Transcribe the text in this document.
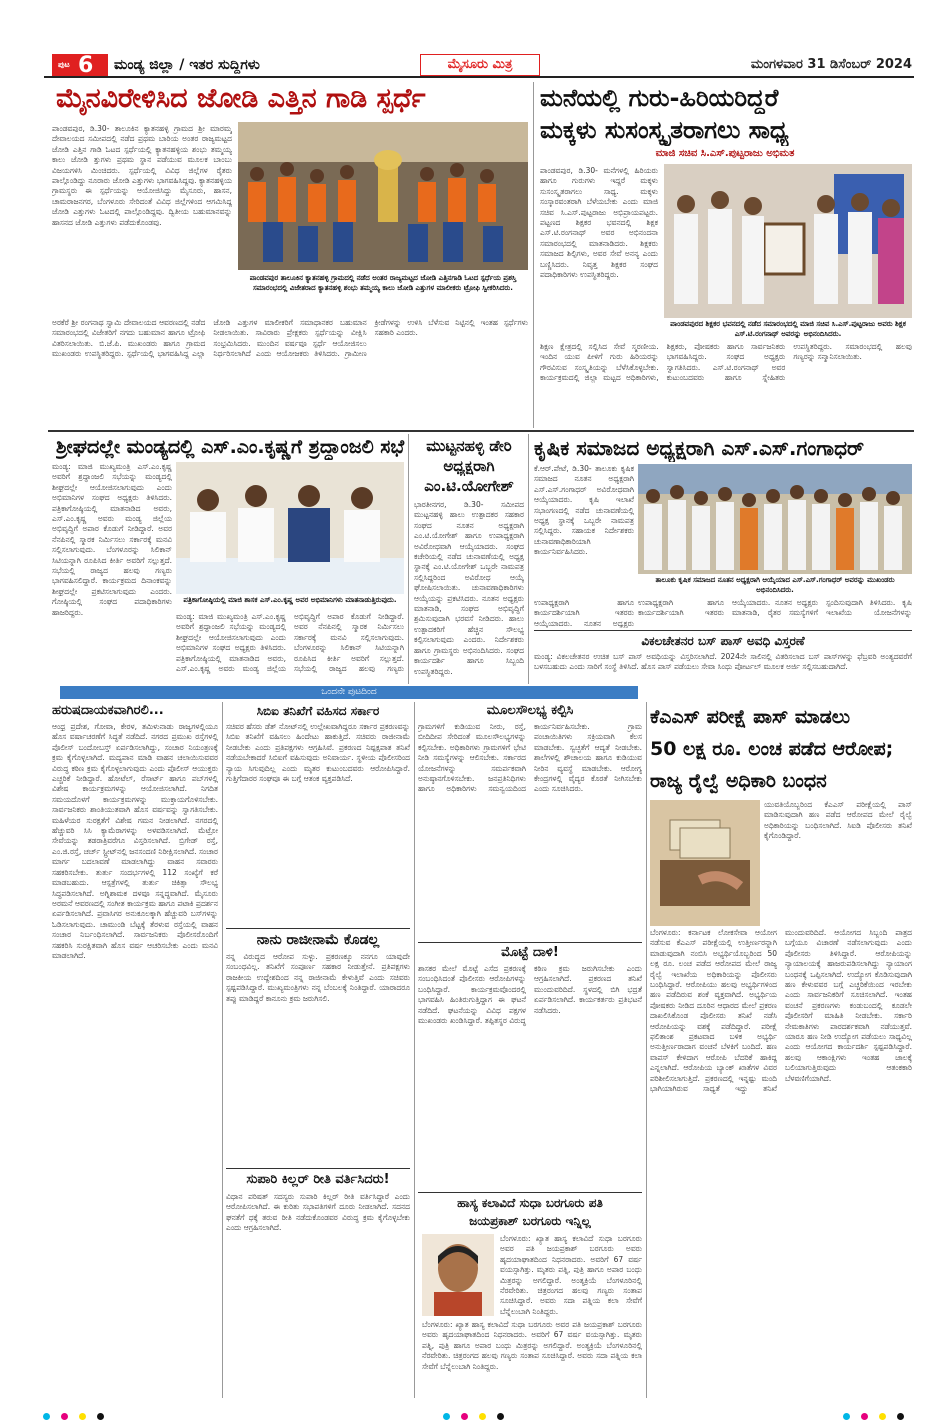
ಪುಟ 6 ಮಂಡ್ಯ ಜಿಲ್ಲಾ / ಇತರ ಸುದ್ದಿಗಳು	ಮೈಸೂರು ಮಿತ್ರ	ಮಂಗಳವಾರ 31 ಡಿಸೆಂಬರ್ 2024
ಮೈನವಿರೇಳಿಸಿದ ಜೋಡಿ ಎತ್ತಿನ ಗಾಡಿ ಸ್ಪರ್ಧೆ
ಪಾಂಡವಪುರ, ಡಿ.30- ತಾಲೂಕಿನ ಕ್ಯಾತನಹಳ್ಳಿ ಗ್ರಾಮದ ಶ್ರೀ ಮಾರಮ್ಮ ದೇವಾಲಯದ ಸಮೀಪದಲ್ಲಿ ನಡೆದ ಪ್ರಥಮ ಬಾರಿಯ ಅಂತರ ರಾಜ್ಯಮಟ್ಟದ ಜೋಡಿ ಎತ್ತಿನ ಗಾಡಿ ಓಟದ ಸ್ಪರ್ಧೆಯಲ್ಲಿ ಕ್ಯಾತನಹಳ್ಳಿಯ ಶಂಭು ತಮ್ಮಯ್ಯ ಕಾಲು ಜೋಡಿ ತ್ತುಗಳು ಪ್ರಥಮ ಸ್ಥಾನ ಪಡೆಯುವ ಮೂಲಕ ಬಾಂಬು ವಿಜಯಗಳಿಸಿ ಮಿಂಚಿದರು. ಸ್ಪರ್ಧೆಯಲ್ಲಿ ವಿವಿಧ ಜಿಲ್ಲೆಗಳ ರೈತರು ಪಾಲ್ಗೊಂಡಿದ್ದು ನೂರಾರು ಜೋಡಿ ಎತ್ತುಗಳು ಭಾಗವಹಿಸಿದ್ದವು. ಕ್ಯಾತನಹಳ್ಳಿಯ ಗ್ರಾಮಸ್ಥರು ಈ ಸ್ಪರ್ಧೆಯನ್ನು ಆಯೋಜಿಸಿದ್ದು ಮೈಸೂರು, ಹಾಸನ, ಚಾಮರಾಜನಗರ, ಬೆಂಗಳೂರು ಸೇರಿದಂತೆ ವಿವಿಧ ಜಿಲ್ಲೆಗಳಿಂದ ಆಗಮಿಸಿದ್ದ ಜೋಡಿ ಎತ್ತುಗಳು ಓಟದಲ್ಲಿ ಪಾಲ್ಗೊಂಡಿದ್ದವು. ದ್ವಿತೀಯ ಬಹುಮಾನವನ್ನು ಹಾಸನದ ಜೋಡಿ ಎತ್ತುಗಳು ಪಡೆದುಕೊಂಡವು.
ಪಾಂಡವಪುರ ತಾಲೂಕಿನ ಕ್ಯಾತನಹಳ್ಳಿ ಗ್ರಾಮದಲ್ಲಿ ನಡೆದ ಅಂತರ ರಾಜ್ಯಮಟ್ಟದ ಜೋಡಿ ಎತ್ತಿನಗಾಡಿ ಓಟದ ಸ್ಪರ್ಧೆಯ ಪ್ರಶಸ್ತಿ ಸಮಾರಂಭದಲ್ಲಿ ವಿಜೇತರಾದ ಕ್ಯಾತನಹಳ್ಳಿ ಶಂಭು ತಮ್ಮಯ್ಯ ಕಾಲು ಜೋಡಿ ಎತ್ತುಗಳ ಮಾಲೀಕರು ಟ್ರೋಫಿ ಸ್ವೀಕರಿಸಿದರು.
ಅರಕೆರೆ ಶ್ರೀ ರಂಗನಾಥ ಸ್ವಾಮಿ ದೇವಾಲಯದ ಆವರಣದಲ್ಲಿ ನಡೆದ ಸಮಾರಂಭದಲ್ಲಿ ವಿಜೇತರಿಗೆ ನಗದು ಬಹುಮಾನ ಹಾಗೂ ಟ್ರೋಫಿ ವಿತರಿಸಲಾಯಿತು. ಬಿ.ಜೆ.ಪಿ. ಮುಖಂಡರು ಹಾಗೂ ಗ್ರಾಮದ ಮುಖಂಡರು ಉಪಸ್ಥಿತರಿದ್ದರು. ಸ್ಪರ್ಧೆಯಲ್ಲಿ ಭಾಗವಹಿಸಿದ್ದ ಎಲ್ಲಾ ಜೋಡಿ ಎತ್ತುಗಳ ಮಾಲೀಕರಿಗೆ ಸಮಾಧಾನಕರ ಬಹುಮಾನ ನೀಡಲಾಯಿತು. ಸಾವಿರಾರು ಪ್ರೇಕ್ಷಕರು ಸ್ಪರ್ಧೆಯನ್ನು ವೀಕ್ಷಿಸಿ ಸಂಭ್ರಮಿಸಿದರು. ಮುಂದಿನ ವರ್ಷವೂ ಸ್ಪರ್ಧೆ ಆಯೋಜಿಸಲು ನಿರ್ಧರಿಸಲಾಗಿದೆ ಎಂದು ಆಯೋಜಕರು ತಿಳಿಸಿದರು. ಗ್ರಾಮೀಣ ಕ್ರೀಡೆಗಳನ್ನು ಉಳಿಸಿ ಬೆಳೆಸುವ ನಿಟ್ಟಿನಲ್ಲಿ ಇಂತಹ ಸ್ಪರ್ಧೆಗಳು ಸಹಕಾರಿ ಎಂದರು.
ಮನೆಯಲ್ಲಿ ಗುರು-ಹಿರಿಯರಿದ್ದರೆ
ಮಕ್ಕಳು ಸುಸಂಸ್ಕೃತರಾಗಲು ಸಾಧ್ಯ
ಮಾಜಿ ಸಚಿವ ಸಿ.ಎಸ್.ಪುಟ್ಟರಾಜು ಅಭಿಮತ
ಪಾಂಡವಪುರ, ಡಿ.30- ಮನೆಗಳಲ್ಲಿ ಹಿರಿಯರು ಹಾಗೂ ಗುರುಗಳು ಇದ್ದರೆ ಮಕ್ಕಳು ಸುಸಂಸ್ಕೃತರಾಗಲು ಸಾಧ್ಯ. ಮಕ್ಕಳು ಸಂಸ್ಕಾರವಂತರಾಗಿ ಬೆಳೆಯಬೇಕು ಎಂದು ಮಾಜಿ ಸಚಿವ ಸಿ.ಎಸ್.ಪುಟ್ಟರಾಜು ಅಭಿಪ್ರಾಯಪಟ್ಟರು. ಪಟ್ಟಣದ ಶಿಕ್ಷಕರ ಭವನದಲ್ಲಿ ಶಿಕ್ಷಕ ಎಸ್.ಟಿ.ರಂಗನಾಥ್ ಅವರ ಅಭಿನಂದನಾ ಸಮಾರಂಭದಲ್ಲಿ ಮಾತನಾಡಿದರು. ಶಿಕ್ಷಕರು ಸಮಾಜದ ಶಿಲ್ಪಿಗಳು, ಅವರ ಸೇವೆ ಅನನ್ಯ ಎಂದು ಬಣ್ಣಿಸಿದರು. ನಿವೃತ್ತ ಶಿಕ್ಷಕರ ಸಂಘದ ಪದಾಧಿಕಾರಿಗಳು ಉಪಸ್ಥಿತರಿದ್ದರು.
ಪಾಂಡವಪುರದ ಶಿಕ್ಷಕರ ಭವನದಲ್ಲಿ ನಡೆದ ಸಮಾರಂಭದಲ್ಲಿ ಮಾಜಿ ಸಚಿವ ಸಿ.ಎಸ್.ಪುಟ್ಟರಾಜು ಅವರು ಶಿಕ್ಷಕ ಎಸ್.ಟಿ.ರಂಗನಾಥ್ ಅವರನ್ನು ಅಭಿನಂದಿಸಿದರು.
ಶಿಕ್ಷಣ ಕ್ಷೇತ್ರದಲ್ಲಿ ಸಲ್ಲಿಸಿದ ಸೇವೆ ಸ್ಮರಣೀಯ. ಇಂದಿನ ಯುವ ಪೀಳಿಗೆ ಗುರು ಹಿರಿಯರನ್ನು ಗೌರವಿಸುವ ಸಂಸ್ಕೃತಿಯನ್ನು ಬೆಳೆಸಿಕೊಳ್ಳಬೇಕು. ಕಾರ್ಯಕ್ರಮದಲ್ಲಿ ಜಿಲ್ಲಾ ಮಟ್ಟದ ಅಧಿಕಾರಿಗಳು, ಶಿಕ್ಷಕರು, ಪೋಷಕರು ಹಾಗೂ ಸಾರ್ವಜನಿಕರು ಭಾಗವಹಿಸಿದ್ದರು. ಸಂಘದ ಅಧ್ಯಕ್ಷರು ಸ್ವಾಗತಿಸಿದರು. ಎಸ್.ಟಿ.ರಂಗನಾಥ್ ಅವರ ಕುಟುಂಬದವರು ಹಾಗೂ ಸ್ನೇಹಿತರು ಉಪಸ್ಥಿತರಿದ್ದರು. ಸಮಾರಂಭದಲ್ಲಿ ಹಲವು ಗಣ್ಯರನ್ನು ಸನ್ಮಾನಿಸಲಾಯಿತು.
ಶ್ರೀಘದಲ್ಲೇ ಮಂಡ್ಯದಲ್ಲಿ ಎಸ್.ಎಂ.ಕೃಷ್ಣಗೆ ಶ್ರದ್ಧಾಂಜಲಿ ಸಭೆ
ಪತ್ರಿಕಾಗೋಷ್ಠಿಯಲ್ಲಿ ಮಾಜಿ ಶಾಸಕ ಎಸ್.ಎಂ.ಕೃಷ್ಣ ಅವರ ಅಭಿಮಾನಿಗಳು ಮಾತನಾಡುತ್ತಿರುವುದು.
ಮಂಡ್ಯ: ಮಾಜಿ ಮುಖ್ಯಮಂತ್ರಿ ಎಸ್.ಎಂ.ಕೃಷ್ಣ ಅವರಿಗೆ ಶ್ರದ್ಧಾಂಜಲಿ ಸಭೆಯನ್ನು ಮಂಡ್ಯದಲ್ಲಿ ಶೀಘ್ರದಲ್ಲೇ ಆಯೋಜಿಸಲಾಗುವುದು ಎಂದು ಅಭಿಮಾನಿಗಳ ಸಂಘದ ಅಧ್ಯಕ್ಷರು ತಿಳಿಸಿದರು. ಪತ್ರಿಕಾಗೋಷ್ಠಿಯಲ್ಲಿ ಮಾತನಾಡಿದ ಅವರು, ಎಸ್.ಎಂ.ಕೃಷ್ಣ ಅವರು ಮಂಡ್ಯ ಜಿಲ್ಲೆಯ ಅಭಿವೃದ್ಧಿಗೆ ಅಪಾರ ಕೊಡುಗೆ ನೀಡಿದ್ದಾರೆ. ಅವರ ನೆನಪಿನಲ್ಲಿ ಸ್ಮಾರಕ ನಿರ್ಮಿಸಲು ಸರ್ಕಾರಕ್ಕೆ ಮನವಿ ಸಲ್ಲಿಸಲಾಗುವುದು. ಬೆಂಗಳೂರನ್ನು ಸಿಲಿಕಾನ್ ಸಿಟಿಯನ್ನಾಗಿ ರೂಪಿಸಿದ ಕೀರ್ತಿ ಅವರಿಗೆ ಸಲ್ಲುತ್ತದೆ. ಸಭೆಯಲ್ಲಿ ರಾಜ್ಯದ ಹಲವು ಗಣ್ಯರು ಭಾಗವಹಿಸಲಿದ್ದಾರೆ. ಕಾರ್ಯಕ್ರಮದ ದಿನಾಂಕವನ್ನು ಶೀಘ್ರದಲ್ಲೇ ಪ್ರಕಟಿಸಲಾಗುವುದು ಎಂದರು. ಗೋಷ್ಠಿಯಲ್ಲಿ ಸಂಘದ ಪದಾಧಿಕಾರಿಗಳು ಹಾಜರಿದ್ದರು.	ಮಂಡ್ಯ: ಮಾಜಿ ಮುಖ್ಯಮಂತ್ರಿ ಎಸ್.ಎಂ.ಕೃಷ್ಣ ಅವರಿಗೆ ಶ್ರದ್ಧಾಂಜಲಿ ಸಭೆಯನ್ನು ಮಂಡ್ಯದಲ್ಲಿ ಶೀಘ್ರದಲ್ಲೇ ಆಯೋಜಿಸಲಾಗುವುದು ಎಂದು ಅಭಿಮಾನಿಗಳ ಸಂಘದ ಅಧ್ಯಕ್ಷರು ತಿಳಿಸಿದರು. ಪತ್ರಿಕಾಗೋಷ್ಠಿಯಲ್ಲಿ ಮಾತನಾಡಿದ ಅವರು, ಎಸ್.ಎಂ.ಕೃಷ್ಣ ಅವರು ಮಂಡ್ಯ ಜಿಲ್ಲೆಯ ಅಭಿವೃದ್ಧಿಗೆ ಅಪಾರ ಕೊಡುಗೆ ನೀಡಿದ್ದಾರೆ. ಅವರ ನೆನಪಿನಲ್ಲಿ ಸ್ಮಾರಕ ನಿರ್ಮಿಸಲು ಸರ್ಕಾರಕ್ಕೆ ಮನವಿ ಸಲ್ಲಿಸಲಾಗುವುದು. ಬೆಂಗಳೂರನ್ನು ಸಿಲಿಕಾನ್ ಸಿಟಿಯನ್ನಾಗಿ ರೂಪಿಸಿದ ಕೀರ್ತಿ ಅವರಿಗೆ ಸಲ್ಲುತ್ತದೆ. ಸಭೆಯಲ್ಲಿ ರಾಜ್ಯದ ಹಲವು ಗಣ್ಯರು
ಮುಟ್ಟನಹಳ್ಳಿ ಡೇರಿ
ಅಧ್ಯಕ್ಷರಾಗಿ
ಎಂ.ಟಿ.ಯೋಗೇಶ್
ಭಾರತೀನಗರ, ಡಿ.30- ಸಮೀಪದ ಮುಟ್ಟನಹಳ್ಳಿ ಹಾಲು ಉತ್ಪಾದಕರ ಸಹಕಾರ ಸಂಘದ ನೂತನ ಅಧ್ಯಕ್ಷರಾಗಿ ಎಂ.ಟಿ.ಯೋಗೇಶ್ ಹಾಗೂ ಉಪಾಧ್ಯಕ್ಷರಾಗಿ ಅವಿರೋಧವಾಗಿ ಆಯ್ಕೆಯಾದರು. ಸಂಘದ ಕಚೇರಿಯಲ್ಲಿ ನಡೆದ ಚುನಾವಣೆಯಲ್ಲಿ ಅಧ್ಯಕ್ಷ ಸ್ಥಾನಕ್ಕೆ ಎಂ.ಟಿ.ಯೋಗೇಶ್ ಒಬ್ಬರೇ ನಾಮಪತ್ರ ಸಲ್ಲಿಸಿದ್ದರಿಂದ ಅವಿರೋಧ ಆಯ್ಕೆ ಘೋಷಿಸಲಾಯಿತು. ಚುನಾವಣಾಧಿಕಾರಿಗಳು ಆಯ್ಕೆಯನ್ನು ಪ್ರಕಟಿಸಿದರು. ನೂತನ ಅಧ್ಯಕ್ಷರು ಮಾತನಾಡಿ, ಸಂಘದ ಅಭಿವೃದ್ಧಿಗೆ ಶ್ರಮಿಸುವುದಾಗಿ ಭರವಸೆ ನೀಡಿದರು. ಹಾಲು ಉತ್ಪಾದಕರಿಗೆ ಹೆಚ್ಚಿನ ಸೌಲಭ್ಯ ಕಲ್ಪಿಸಲಾಗುವುದು ಎಂದರು. ನಿರ್ದೇಶಕರು ಹಾಗೂ ಗ್ರಾಮಸ್ಥರು ಅಭಿನಂದಿಸಿದರು. ಸಂಘದ ಕಾರ್ಯದರ್ಶಿ ಹಾಗೂ ಸಿಬ್ಬಂದಿ ಉಪಸ್ಥಿತರಿದ್ದರು.
ಕೃಷಿಕ ಸಮಾಜದ ಅಧ್ಯಕ್ಷರಾಗಿ ಎಸ್.ಎಸ್.ಗಂಗಾಧರ್
ಕೆ.ಆರ್.ಪೇಟೆ, ಡಿ.30- ತಾಲೂಕು ಕೃಷಿಕ ಸಮಾಜದ ನೂತನ ಅಧ್ಯಕ್ಷರಾಗಿ ಎಸ್.ಎಸ್.ಗಂಗಾಧರ್ ಅವಿರೋಧವಾಗಿ ಆಯ್ಕೆಯಾದರು. ಕೃಷಿ ಇಲಾಖೆ ಸಭಾಂಗಣದಲ್ಲಿ ನಡೆದ ಚುನಾವಣೆಯಲ್ಲಿ ಅಧ್ಯಕ್ಷ ಸ್ಥಾನಕ್ಕೆ ಒಬ್ಬರೇ ನಾಮಪತ್ರ ಸಲ್ಲಿಸಿದ್ದರು. ಸಹಾಯಕ ನಿರ್ದೇಶಕರು ಚುನಾವಣಾಧಿಕಾರಿಯಾಗಿ ಕಾರ್ಯನಿರ್ವಹಿಸಿದರು.
ತಾಲೂಕು ಕೃಷಿಕ ಸಮಾಜದ ನೂತನ ಅಧ್ಯಕ್ಷರಾಗಿ ಆಯ್ಕೆಯಾದ ಎಸ್.ಎಸ್.ಗಂಗಾಧರ್ ಅವರನ್ನು ಮುಖಂಡರು ಅಭಿನಂದಿಸಿದರು.
ಉಪಾಧ್ಯಕ್ಷರಾಗಿ ಹಾಗೂ ಕಾರ್ಯದರ್ಶಿಯಾಗಿ ಇತರರು ಆಯ್ಕೆಯಾದರು. ನೂತನ ಅಧ್ಯಕ್ಷರು ಮಾತನಾಡಿ, ರೈತರ ಸಮಸ್ಯೆಗಳಿಗೆ ಸ್ಪಂದಿಸುವುದಾಗಿ ತಿಳಿಸಿದರು. ಕೃಷಿ ಇಲಾಖೆಯ ಯೋಜನೆಗಳನ್ನು
ಉಪಾಧ್ಯಕ್ಷರಾಗಿ ಹಾಗೂ ಕಾರ್ಯದರ್ಶಿಯಾಗಿ ಇತರರು ಆಯ್ಕೆಯಾದರು. ನೂತನ ಅಧ್ಯಕ್ಷರು
ವಿಕಲಚೇತನರ ಬಸ್ ಪಾಸ್ ಅವಧಿ ವಿಸ್ತರಣೆ
ಮಂಡ್ಯ: ವಿಕಲಚೇತನರ ಉಚಿತ ಬಸ್ ಪಾಸ್ ಅವಧಿಯನ್ನು ವಿಸ್ತರಿಸಲಾಗಿದೆ. 2024ನೇ ಸಾಲಿನಲ್ಲಿ ವಿತರಿಸಲಾದ ಬಸ್ ಪಾಸ್‌ಗಳನ್ನು ಫೆಬ್ರವರಿ ಅಂತ್ಯದವರೆಗೆ ಬಳಸಬಹುದು ಎಂದು ಸಾರಿಗೆ ಸಂಸ್ಥೆ ತಿಳಿಸಿದೆ. ಹೊಸ ಪಾಸ್ ಪಡೆಯಲು ಸೇವಾ ಸಿಂಧು ಪೋರ್ಟಲ್ ಮೂಲಕ ಅರ್ಜಿ ಸಲ್ಲಿಸಬಹುದಾಗಿದೆ.
ಒಂದನೇ ಪುಟದಿಂದ
ಹರುಷದಾಯಕವಾಗಿರಲಿ...
ಆಂಧ್ರ ಪ್ರದೇಶ, ಗೋವಾ, ಕೇರಳ, ತಮಿಳುನಾಡು ರಾಜ್ಯಗಳಲ್ಲಿಯೂ ಹೊಸ ವರ್ಷಾಚರಣೆಗೆ ಸಿದ್ಧತೆ ನಡೆದಿದೆ. ನಗರದ ಪ್ರಮುಖ ರಸ್ತೆಗಳಲ್ಲಿ ಪೊಲೀಸ್ ಬಂದೋಬಸ್ತ್ ಏರ್ಪಡಿಸಲಾಗಿದ್ದು, ಸಂಚಾರ ನಿಯಂತ್ರಣಕ್ಕೆ ಕ್ರಮ ಕೈಗೊಳ್ಳಲಾಗಿದೆ. ಮದ್ಯಪಾನ ಮಾಡಿ ವಾಹನ ಚಲಾಯಿಸುವವರ ವಿರುದ್ಧ ಕಠಿಣ ಕ್ರಮ ಕೈಗೊಳ್ಳಲಾಗುವುದು ಎಂದು ಪೊಲೀಸ್ ಆಯುಕ್ತರು ಎಚ್ಚರಿಕೆ ನೀಡಿದ್ದಾರೆ. ಹೋಟೆಲ್, ರೆಸಾರ್ಟ್ ಹಾಗೂ ಪಬ್‌ಗಳಲ್ಲಿ ವಿಶೇಷ ಕಾರ್ಯಕ್ರಮಗಳನ್ನು ಆಯೋಜಿಸಲಾಗಿದೆ. ನಿಗದಿತ ಸಮಯದೊಳಗೆ ಕಾರ್ಯಕ್ರಮಗಳನ್ನು ಮುಕ್ತಾಯಗೊಳಿಸಬೇಕು. ಸಾರ್ವಜನಿಕರು ಶಾಂತಿಯುತವಾಗಿ ಹೊಸ ವರ್ಷವನ್ನು ಸ್ವಾಗತಿಸಬೇಕು. ಮಹಿಳೆಯರ ಸುರಕ್ಷತೆಗೆ ವಿಶೇಷ ಗಮನ ನೀಡಲಾಗಿದೆ. ನಗರದಲ್ಲಿ ಹೆಚ್ಚುವರಿ ಸಿಸಿ ಕ್ಯಾಮೆರಾಗಳನ್ನು ಅಳವಡಿಸಲಾಗಿದೆ. ಮೆಟ್ರೋ ಸೇವೆಯನ್ನು ತಡರಾತ್ರಿವರೆಗೂ ವಿಸ್ತರಿಸಲಾಗಿದೆ. ಬ್ರಿಗೇಡ್ ರಸ್ತೆ, ಎಂ.ಜಿ.ರಸ್ತೆ, ಚರ್ಚ್ ಸ್ಟ್ರೀಟ್‌ನಲ್ಲಿ ಜನಸಂದಣಿ ನಿರೀಕ್ಷಿಸಲಾಗಿದೆ. ಸಂಚಾರ ಮಾರ್ಗ ಬದಲಾವಣೆ ಮಾಡಲಾಗಿದ್ದು ವಾಹನ ಸವಾರರು ಸಹಕರಿಸಬೇಕು. ತುರ್ತು ಸಂದರ್ಭಗಳಲ್ಲಿ 112 ಸಂಖ್ಯೆಗೆ ಕರೆ ಮಾಡಬಹುದು. ಆಸ್ಪತ್ರೆಗಳಲ್ಲಿ ತುರ್ತು ಚಿಕಿತ್ಸಾ ಸೌಲಭ್ಯ ಸಿದ್ಧಪಡಿಸಲಾಗಿದೆ. ಅಗ್ನಿಶಾಮಕ ದಳವೂ ಸನ್ನದ್ಧವಾಗಿದೆ. ಮೈಸೂರು ಅರಮನೆ ಆವರಣದಲ್ಲಿ ಸಂಗೀತ ಕಾರ್ಯಕ್ರಮ ಹಾಗೂ ಪಟಾಕಿ ಪ್ರದರ್ಶನ ಏರ್ಪಡಿಸಲಾಗಿದೆ. ಪ್ರವಾಸಿಗರ ಅನುಕೂಲಕ್ಕಾಗಿ ಹೆಚ್ಚುವರಿ ಬಸ್‌ಗಳನ್ನು ಓಡಿಸಲಾಗುವುದು. ಚಾಮುಂಡಿ ಬೆಟ್ಟಕ್ಕೆ ತೆರಳುವ ರಸ್ತೆಯಲ್ಲಿ ವಾಹನ ಸಂಚಾರ ನಿರ್ಬಂಧಿಸಲಾಗಿದೆ. ಸಾರ್ವಜನಿಕರು ಪೊಲೀಸರೊಂದಿಗೆ ಸಹಕರಿಸಿ ಸುರಕ್ಷಿತವಾಗಿ ಹೊಸ ವರ್ಷ ಆಚರಿಸಬೇಕು ಎಂದು ಮನವಿ ಮಾಡಲಾಗಿದೆ.
ಸಿಬಿಐ ತನಿಖೆಗೆ ವಹಿಸದ ಸರ್ಕಾರ
ಸಚಿವರ ಹೆಸರು ಡೆತ್ ನೋಟ್‌ನಲ್ಲಿ ಉಲ್ಲೇಖವಾಗಿದ್ದರೂ ಸರ್ಕಾರ ಪ್ರಕರಣವನ್ನು ಸಿಬಿಐ ತನಿಖೆಗೆ ವಹಿಸಲು ಹಿಂದೇಟು ಹಾಕುತ್ತಿದೆ. ಸಚಿವರು ರಾಜೀನಾಮೆ ನೀಡಬೇಕು ಎಂದು ಪ್ರತಿಪಕ್ಷಗಳು ಆಗ್ರಹಿಸಿವೆ. ಪ್ರಕರಣದ ನಿಷ್ಪಕ್ಷಪಾತ ತನಿಖೆ ನಡೆಯಬೇಕಾದರೆ ಸಿಬಿಐಗೆ ವಹಿಸುವುದು ಅನಿವಾರ್ಯ. ಸ್ಥಳೀಯ ಪೊಲೀಸರಿಂದ ನ್ಯಾಯ ಸಿಗುವುದಿಲ್ಲ ಎಂದು ಮೃತರ ಕುಟುಂಬದವರು ಆರೋಪಿಸಿದ್ದಾರೆ. ಗುತ್ತಿಗೆದಾರರ ಸಂಘವೂ ಈ ಬಗ್ಗೆ ಆತಂಕ ವ್ಯಕ್ತಪಡಿಸಿದೆ.
ನಾನು ರಾಜೀನಾಮೆ ಕೊಡಲ್ಲ
ನನ್ನ ವಿರುದ್ಧದ ಆರೋಪ ಸುಳ್ಳು. ಪ್ರಕರಣಕ್ಕೂ ನನಗೂ ಯಾವುದೇ ಸಂಬಂಧವಿಲ್ಲ. ತನಿಖೆಗೆ ಸಂಪೂರ್ಣ ಸಹಕಾರ ನೀಡುತ್ತೇನೆ. ಪ್ರತಿಪಕ್ಷಗಳು ರಾಜಕೀಯ ಉದ್ದೇಶದಿಂದ ನನ್ನ ರಾಜೀನಾಮೆ ಕೇಳುತ್ತಿವೆ ಎಂದು ಸಚಿವರು ಸ್ಪಷ್ಟಪಡಿಸಿದ್ದಾರೆ. ಮುಖ್ಯಮಂತ್ರಿಗಳು ನನ್ನ ಬೆಂಬಲಕ್ಕೆ ನಿಂತಿದ್ದಾರೆ. ಯಾರಾದರೂ ತಪ್ಪು ಮಾಡಿದ್ದರೆ ಕಾನೂನು ಕ್ರಮ ಜರುಗಿಸಲಿ.
ಸುಪಾರಿ ಕಿಲ್ಲರ್ ರೀತಿ ವರ್ತಿಸಿದರು!
ವಿಧಾನ ಪರಿಷತ್ ಸದಸ್ಯರು ಸುಪಾರಿ ಕಿಲ್ಲರ್ ರೀತಿ ವರ್ತಿಸಿದ್ದಾರೆ ಎಂದು ಆರೋಪಿಸಲಾಗಿದೆ. ಈ ಕುರಿತು ಸಭಾಪತಿಗಳಿಗೆ ದೂರು ನೀಡಲಾಗಿದೆ. ಸದನದ ಘನತೆಗೆ ಧಕ್ಕೆ ತರುವ ರೀತಿ ನಡೆದುಕೊಂಡವರ ವಿರುದ್ಧ ಕ್ರಮ ಕೈಗೊಳ್ಳಬೇಕು ಎಂದು ಆಗ್ರಹಿಸಲಾಗಿದೆ.
ಮೂಲಸೌಲಭ್ಯ ಕಲ್ಪಿಸಿ
ಗ್ರಾಮಗಳಿಗೆ ಕುಡಿಯುವ ನೀರು, ರಸ್ತೆ, ಬೀದಿದೀಪ ಸೇರಿದಂತೆ ಮೂಲಸೌಲಭ್ಯಗಳನ್ನು ಕಲ್ಪಿಸಬೇಕು. ಅಧಿಕಾರಿಗಳು ಗ್ರಾಮಗಳಿಗೆ ಭೇಟಿ ನೀಡಿ ಸಮಸ್ಯೆಗಳನ್ನು ಆಲಿಸಬೇಕು. ಸರ್ಕಾರದ ಯೋಜನೆಗಳನ್ನು ಸಮರ್ಪಕವಾಗಿ ಅನುಷ್ಠಾನಗೊಳಿಸಬೇಕು. ಜನಪ್ರತಿನಿಧಿಗಳು ಹಾಗೂ ಅಧಿಕಾರಿಗಳು ಸಮನ್ವಯದಿಂದ ಕಾರ್ಯನಿರ್ವಹಿಸಬೇಕು. ಗ್ರಾಮ ಪಂಚಾಯಿತಿಗಳು ಸಕ್ರಿಯವಾಗಿ ಕೆಲಸ ಮಾಡಬೇಕು. ಸ್ವಚ್ಛತೆಗೆ ಆದ್ಯತೆ ನೀಡಬೇಕು. ಶಾಲೆಗಳಲ್ಲಿ ಶೌಚಾಲಯ ಹಾಗೂ ಕುಡಿಯುವ ನೀರಿನ ವ್ಯವಸ್ಥೆ ಮಾಡಬೇಕು. ಆರೋಗ್ಯ ಕೇಂದ್ರಗಳಲ್ಲಿ ವೈದ್ಯರ ಕೊರತೆ ನೀಗಿಸಬೇಕು ಎಂದು ಸೂಚಿಸಿದರು.
ಮೊಟ್ಟೆ ದಾಳಿ!
ಶಾಸಕರ ಮೇಲೆ ಮೊಟ್ಟೆ ಎಸೆದ ಪ್ರಕರಣಕ್ಕೆ ಸಂಬಂಧಿಸಿದಂತೆ ಪೊಲೀಸರು ಆರೋಪಿಗಳನ್ನು ಬಂಧಿಸಿದ್ದಾರೆ. ಕಾರ್ಯಕ್ರಮವೊಂದರಲ್ಲಿ ಭಾಗವಹಿಸಿ ಹಿಂತಿರುಗುತ್ತಿದ್ದಾಗ ಈ ಘಟನೆ ನಡೆದಿದೆ. ಘಟನೆಯನ್ನು ವಿವಿಧ ಪಕ್ಷಗಳ ಮುಖಂಡರು ಖಂಡಿಸಿದ್ದಾರೆ. ತಪ್ಪಿತಸ್ಥರ ವಿರುದ್ಧ ಕಠಿಣ ಕ್ರಮ ಜರುಗಿಸಬೇಕು ಎಂದು ಆಗ್ರಹಿಸಲಾಗಿದೆ. ಪ್ರಕರಣದ ತನಿಖೆ ಮುಂದುವರಿದಿದೆ. ಸ್ಥಳದಲ್ಲಿ ಬಿಗಿ ಭದ್ರತೆ ಏರ್ಪಡಿಸಲಾಗಿದೆ. ಕಾರ್ಯಕರ್ತರು ಪ್ರತಿಭಟನೆ ನಡೆಸಿದರು.
ಹಾಸ್ಯ ಕಲಾವಿದೆ ಸುಧಾ ಬರಗೂರು ಪತಿ
ಜಯಪ್ರಕಾಶ್ ಬರಗೂರು ಇನ್ನಿಲ್ಲ
ಬೆಂಗಳೂರು: ಖ್ಯಾತ ಹಾಸ್ಯ ಕಲಾವಿದೆ ಸುಧಾ ಬರಗೂರು ಅವರ ಪತಿ ಜಯಪ್ರಕಾಶ್ ಬರಗೂರು ಅವರು ಹೃದಯಾಘಾತದಿಂದ ನಿಧನರಾದರು. ಅವರಿಗೆ 67 ವರ್ಷ ವಯಸ್ಸಾಗಿತ್ತು. ಮೃತರು ಪತ್ನಿ, ಪುತ್ರಿ ಹಾಗೂ ಅಪಾರ ಬಂಧು ಮಿತ್ರರನ್ನು ಅಗಲಿದ್ದಾರೆ. ಅಂತ್ಯಕ್ರಿಯೆ ಬೆಂಗಳೂರಿನಲ್ಲಿ ನೆರವೇರಿತು. ಚಿತ್ರರಂಗದ ಹಲವು ಗಣ್ಯರು ಸಂತಾಪ ಸೂಚಿಸಿದ್ದಾರೆ. ಅವರು ಸದಾ ಪತ್ನಿಯ ಕಲಾ ಸೇವೆಗೆ ಬೆನ್ನೆಲುಬಾಗಿ ನಿಂತಿದ್ದರು.
ಬೆಂಗಳೂರು: ಖ್ಯಾತ ಹಾಸ್ಯ ಕಲಾವಿದೆ ಸುಧಾ ಬರಗೂರು ಅವರ ಪತಿ ಜಯಪ್ರಕಾಶ್ ಬರಗೂರು ಅವರು ಹೃದಯಾಘಾತದಿಂದ ನಿಧನರಾದರು. ಅವರಿಗೆ 67 ವರ್ಷ ವಯಸ್ಸಾಗಿತ್ತು. ಮೃತರು ಪತ್ನಿ, ಪುತ್ರಿ ಹಾಗೂ ಅಪಾರ ಬಂಧು ಮಿತ್ರರನ್ನು ಅಗಲಿದ್ದಾರೆ. ಅಂತ್ಯಕ್ರಿಯೆ ಬೆಂಗಳೂರಿನಲ್ಲಿ ನೆರವೇರಿತು. ಚಿತ್ರರಂಗದ ಹಲವು ಗಣ್ಯರು ಸಂತಾಪ ಸೂಚಿಸಿದ್ದಾರೆ. ಅವರು ಸದಾ ಪತ್ನಿಯ ಕಲಾ ಸೇವೆಗೆ ಬೆನ್ನೆಲುಬಾಗಿ ನಿಂತಿದ್ದರು.
ಕೆಎಎಸ್ ಪರೀಕ್ಷೆ ಪಾಸ್ ಮಾಡಲು
50 ಲಕ್ಷ ರೂ. ಲಂಚ ಪಡೆದ ಆರೋಪ;
ರಾಜ್ಯ ರೈಲ್ವೆ ಅಧಿಕಾರಿ ಬಂಧನ
ಯುವತಿಯೊಬ್ಬರಿಂದ ಕೆಎಎಸ್ ಪರೀಕ್ಷೆಯಲ್ಲಿ ಪಾಸ್ ಮಾಡಿಸುವುದಾಗಿ ಹಣ ಪಡೆದ ಆರೋಪದ ಮೇಲೆ ರೈಲ್ವೆ ಅಧಿಕಾರಿಯನ್ನು ಬಂಧಿಸಲಾಗಿದೆ. ಸಿಐಡಿ ಪೊಲೀಸರು ತನಿಖೆ ಕೈಗೊಂಡಿದ್ದಾರೆ.
ಬೆಂಗಳೂರು: ಕರ್ನಾಟಕ ಲೋಕಸೇವಾ ಆಯೋಗ ನಡೆಸುವ ಕೆಎಎಸ್ ಪರೀಕ್ಷೆಯಲ್ಲಿ ಉತ್ತೀರ್ಣರನ್ನಾಗಿ ಮಾಡುವುದಾಗಿ ನಂಬಿಸಿ ಅಭ್ಯರ್ಥಿಯೊಬ್ಬರಿಂದ 50 ಲಕ್ಷ ರೂ. ಲಂಚ ಪಡೆದ ಆರೋಪದ ಮೇಲೆ ರಾಜ್ಯ ರೈಲ್ವೆ ಇಲಾಖೆಯ ಅಧಿಕಾರಿಯನ್ನು ಪೊಲೀಸರು ಬಂಧಿಸಿದ್ದಾರೆ. ಆರೋಪಿಯು ಹಲವು ಅಭ್ಯರ್ಥಿಗಳಿಂದ ಹಣ ಪಡೆದಿರುವ ಶಂಕೆ ವ್ಯಕ್ತವಾಗಿದೆ. ಅಭ್ಯರ್ಥಿಯ ಪೋಷಕರು ನೀಡಿದ ದೂರಿನ ಆಧಾರದ ಮೇಲೆ ಪ್ರಕರಣ ದಾಖಲಿಸಿಕೊಂಡ ಪೊಲೀಸರು ತನಿಖೆ ನಡೆಸಿ ಆರೋಪಿಯನ್ನು ವಶಕ್ಕೆ ಪಡೆದಿದ್ದಾರೆ. ಪರೀಕ್ಷೆ ಫಲಿತಾಂಶ ಪ್ರಕಟವಾದ ಬಳಿಕ ಅಭ್ಯರ್ಥಿ ಅನುತ್ತೀರ್ಣರಾದಾಗ ವಂಚನೆ ಬೆಳಕಿಗೆ ಬಂದಿದೆ. ಹಣ ವಾಪಸ್ ಕೇಳಿದಾಗ ಆರೋಪಿ ಬೆದರಿಕೆ ಹಾಕಿದ್ದ ಎನ್ನಲಾಗಿದೆ. ಆರೋಪಿಯ ಬ್ಯಾಂಕ್ ಖಾತೆಗಳ ವಿವರ ಪರಿಶೀಲಿಸಲಾಗುತ್ತಿದೆ. ಪ್ರಕರಣದಲ್ಲಿ ಇನ್ನಷ್ಟು ಮಂದಿ ಭಾಗಿಯಾಗಿರುವ ಸಾಧ್ಯತೆ ಇದ್ದು ತನಿಖೆ ಮುಂದುವರಿದಿದೆ. ಆಯೋಗದ ಸಿಬ್ಬಂದಿ ಪಾತ್ರದ ಬಗ್ಗೆಯೂ ವಿಚಾರಣೆ ನಡೆಸಲಾಗುವುದು ಎಂದು ಪೊಲೀಸರು ತಿಳಿಸಿದ್ದಾರೆ. ಆರೋಪಿಯನ್ನು ನ್ಯಾಯಾಲಯಕ್ಕೆ ಹಾಜರುಪಡಿಸಲಾಗಿದ್ದು ನ್ಯಾಯಾಂಗ ಬಂಧನಕ್ಕೆ ಒಪ್ಪಿಸಲಾಗಿದೆ. ಉದ್ಯೋಗ ಕೊಡಿಸುವುದಾಗಿ ಹಣ ಕೇಳುವವರ ಬಗ್ಗೆ ಎಚ್ಚರಿಕೆಯಿಂದ ಇರಬೇಕು ಎಂದು ಸಾರ್ವಜನಿಕರಿಗೆ ಸೂಚಿಸಲಾಗಿದೆ. ಇಂತಹ ವಂಚನೆ ಪ್ರಕರಣಗಳು ಕಂಡುಬಂದಲ್ಲಿ ಕೂಡಲೇ ಪೊಲೀಸರಿಗೆ ಮಾಹಿತಿ ನೀಡಬೇಕು. ಸರ್ಕಾರಿ ನೇಮಕಾತಿಗಳು ಪಾರದರ್ಶಕವಾಗಿ ನಡೆಯುತ್ತವೆ. ಯಾರೂ ಹಣ ನೀಡಿ ಉದ್ಯೋಗ ಪಡೆಯಲು ಸಾಧ್ಯವಿಲ್ಲ ಎಂದು ಆಯೋಗದ ಕಾರ್ಯದರ್ಶಿ ಸ್ಪಷ್ಟಪಡಿಸಿದ್ದಾರೆ. ಹಲವು ಆಕಾಂಕ್ಷಿಗಳು ಇಂತಹ ಜಾಲಕ್ಕೆ ಬಲಿಯಾಗುತ್ತಿರುವುದು ಆತಂಕಕಾರಿ ಬೆಳವಣಿಗೆಯಾಗಿದೆ.
